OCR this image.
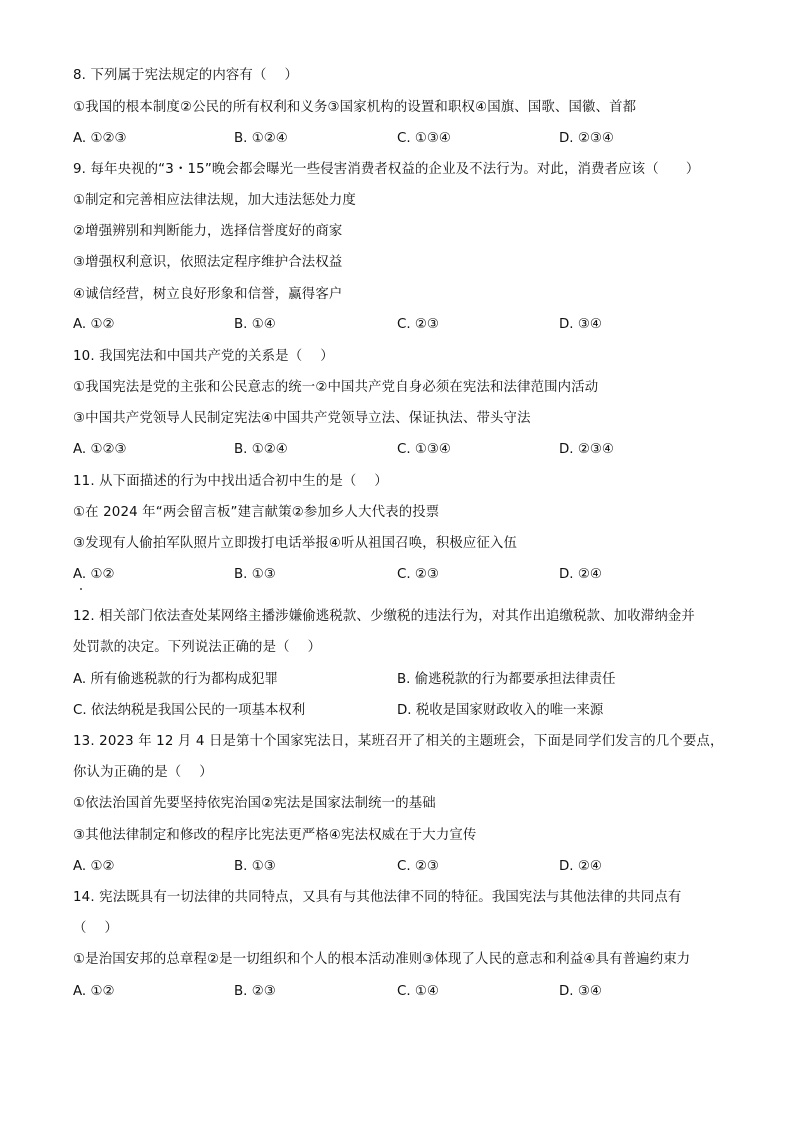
8. 下列属于宪法规定的内容有（　 ）
①我国的根本制度②公民的所有权利和义务③国家机构的设置和职权④国旗、国歌、国徽、首都
A. ①②③	B. ①②④	C. ①③④	D. ②③④
9. 每年央视的“3・15”晚会都会曝光一些侵害消费者权益的企业及不法行为。对此，消费者应该（　　）
①制定和完善相应法律法规，加大违法惩处力度
②增强辨别和判断能力，选择信誉度好的商家
③增强权利意识，依照法定程序维护合法权益
④诚信经营，树立良好形象和信誉，赢得客户
A. ①②	B. ①④	C. ②③	D. ③④
10. 我国宪法和中国共产党的关系是（　 ）
①我国宪法是党的主张和公民意志的统一②中国共产党自身必须在宪法和法律范围内活动
③中国共产党领导人民制定宪法④中国共产党领导立法、保证执法、带头守法
A. ①②③	B. ①②④	C. ①③④	D. ②③④
11. 从下面描述的行为中找出适合初中生的是（　 ）
①在 2024 年“两会留言板”建言献策②参加乡人大代表的投票
③发现有人偷拍军队照片立即拨打电话举报④听从祖国召唤，积极应征入伍
A. ①②	B. ①③	C. ②③	D. ②④
12. 相关部门依法查处某网络主播涉嫌偷逃税款、少缴税的违法行为，对其作出追缴税款、加收滞纳金并
处罚款的决定。下列说法正确的是（　 ）
A. 所有偷逃税款的行为都构成犯罪	B. 偷逃税款的行为都要承担法律责任
C. 依法纳税是我国公民的一项基本权利	D. 税收是国家财政收入的唯一来源
13. 2023 年 12 月 4 日是第十个国家宪法日，某班召开了相关的主题班会，下面是同学们发言的几个要点，
你认为正确的是（　 ）
①依法治国首先要坚持依宪治国②宪法是国家法制统一的基础
③其他法律制定和修改的程序比宪法更严格④宪法权威在于大力宣传
A. ①②	B. ①③	C. ②③	D. ②④
14. 宪法既具有一切法律的共同特点，又具有与其他法律不同的特征。我国宪法与其他法律的共同点有
（　 ）
①是治国安邦的总章程②是一切组织和个人的根本活动准则③体现了人民的意志和利益④具有普遍约束力
A. ①②	B. ②③	C. ①④	D. ③④
